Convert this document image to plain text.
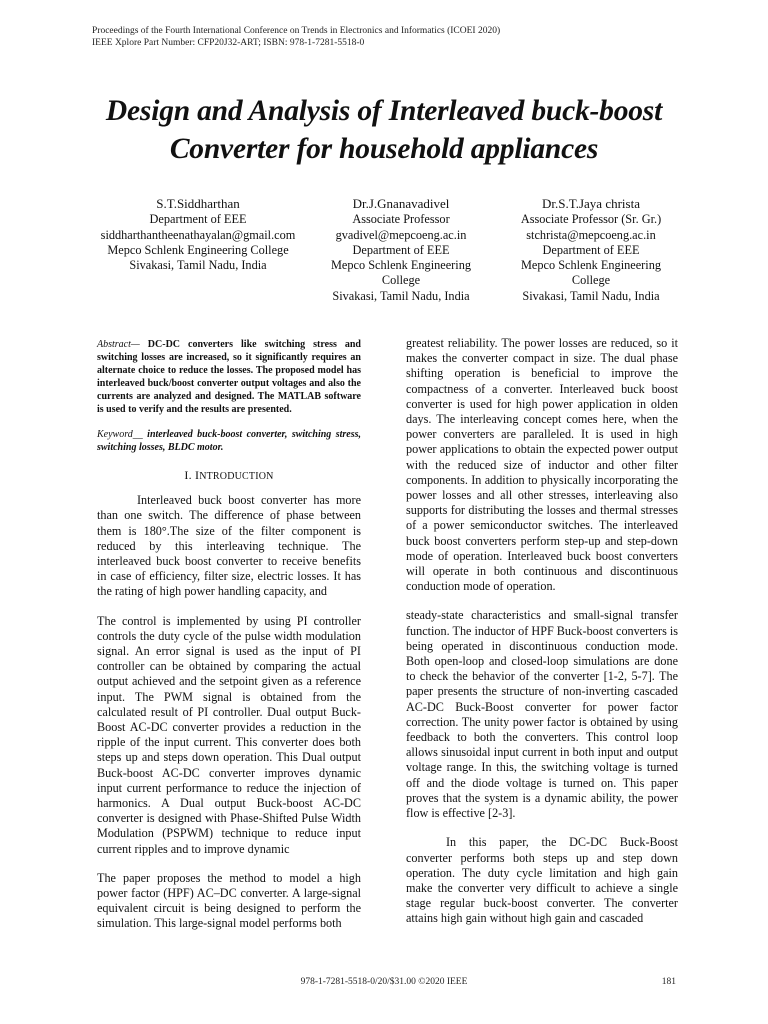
Proceedings of the Fourth International Conference on Trends in Electronics and Informatics (ICOEI 2020)
IEEE Xplore Part Number: CFP20J32-ART; ISBN: 978-1-7281-5518-0
Design and Analysis of Interleaved buck-boost
Converter for household appliances
S.T.Siddharthan
Department of EEE
siddharthantheenathayalan@gmail.com
Mepco Schlenk Engineering College
Sivakasi, Tamil Nadu, India
Dr.J.Gnanavadivel
Associate Professor
gvadivel@mepcoeng.ac.in
Department of EEE
Mepco Schlenk Engineering
College
Sivakasi, Tamil Nadu, India
Dr.S.T.Jaya christa
Associate Professor (Sr. Gr.)
stchrista@mepcoeng.ac.in
Department of EEE
Mepco Schlenk Engineering
College
Sivakasi, Tamil Nadu, India

Abstract— DC-DC converters like switching stress and switching losses are increased, so it significantly requires an alternate choice to reduce the losses. The proposed model has interleaved buck/boost converter output voltages and also the currents are analyzed and designed. The MATLAB software is used to verify and the results are presented.

Keyword__ interleaved buck-boost converter, switching stress, switching losses, BLDC motor.

I. INTRODUCTION

Interleaved buck boost converter has more than one switch. The difference of phase between them is 180°.The size of the filter component is reduced by this interleaving technique. The interleaved buck boost converter to receive benefits in case of efficiency, filter size, electric losses. It has the rating of high power handling capacity, and

The control is implemented by using PI controller controls the duty cycle of the pulse width modulation signal. An error signal is used as the input of PI controller can be obtained by comparing the actual output achieved and the setpoint given as a reference input. The PWM signal is obtained from the calculated result of PI controller. Dual output Buck-Boost AC-DC converter provides a reduction in the ripple of the input current. This converter does both steps up and steps down operation. This Dual output Buck-boost AC-DC converter improves dynamic input current performance to reduce the injection of harmonics. A Dual output Buck-boost AC-DC converter is designed with Phase-Shifted Pulse Width Modulation (PSPWM) technique to reduce input current ripples and to improve dynamic

The paper proposes the method to model a high power factor (HPF) AC–DC converter. A large-signal equivalent circuit is being designed to perform the simulation. This large-signal model performs both

greatest reliability. The power losses are reduced, so it makes the converter compact in size. The dual phase shifting operation is beneficial to improve the compactness of a converter. Interleaved buck boost converter is used for high power application in olden days. The interleaving concept comes here, when the power converters are paralleled. It is used in high power applications to obtain the expected power output with the reduced size of inductor and other filter components. In addition to physically incorporating the power losses and all other stresses, interleaving also supports for distributing the losses and thermal stresses of a power semiconductor switches. The interleaved buck boost converters perform step-up and step-down mode of operation. Interleaved buck boost converters will operate in both continuous and discontinuous conduction mode of operation.

steady-state characteristics and small-signal transfer function. The inductor of HPF Buck-boost converters is being operated in discontinuous conduction mode. Both open-loop and closed-loop simulations are done to check the behavior of the converter [1-2, 5-7]. The paper presents the structure of non-inverting cascaded AC-DC Buck-Boost converter for power factor correction. The unity power factor is obtained by using feedback to both the converters. This control loop allows sinusoidal input current in both input and output voltage range. In this, the switching voltage is turned off and the diode voltage is turned on. This paper proves that the system is a dynamic ability, the power flow is effective [2-3].

In this paper, the DC-DC Buck-Boost converter performs both steps up and step down operation. The duty cycle limitation and high gain make the converter very difficult to achieve a single stage regular buck-boost converter. The converter attains high gain without high gain and cascaded

978-1-7281-5518-0/20/$31.00 ©2020 IEEE	181
